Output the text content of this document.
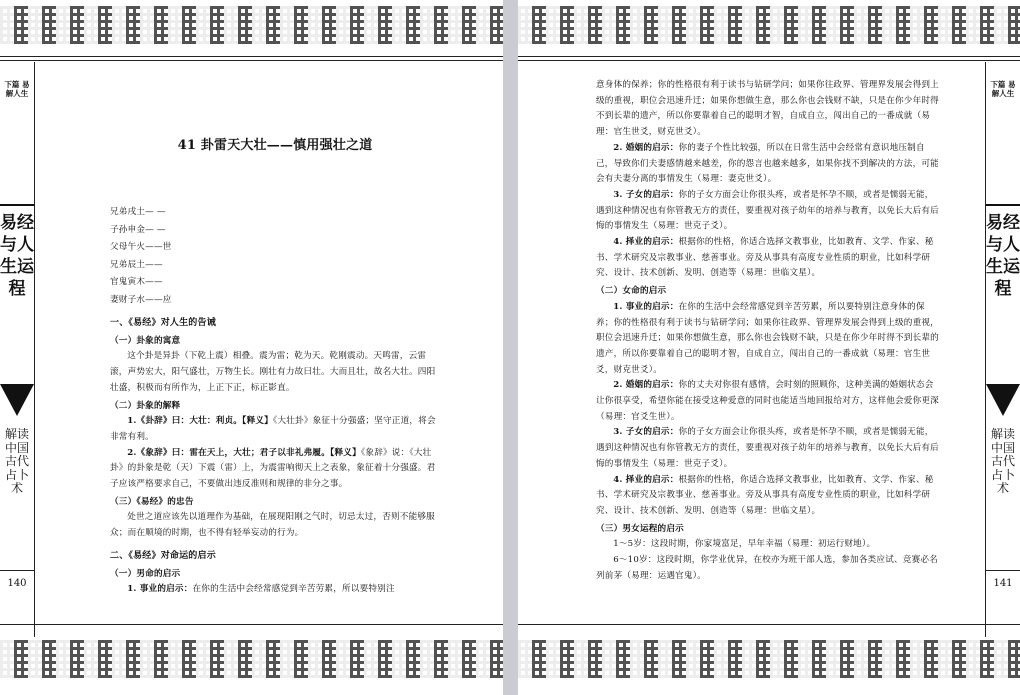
下篇 易解人生
易经与人生运程
解读中国古代占卜术
140
41 卦雷天大壮——慎用强壮之道

兄弟戌土— —

子孙申金— —

父母午火——世

兄弟辰土——

官鬼寅木——

妻财子水——应

一、《易经》对人生的告诫

（一）卦象的寓意

这个卦是异卦（下乾上震）相叠。震为雷；乾为天。乾刚震动。天鸣雷，云雷滚，声势宏大，阳气盛壮，万物生长。刚壮有力故曰壮。大而且壮，故名大壮。四阳壮盛，积极而有所作为，上正下正，标正影直。

（二）卦象的解释

1.《卦辞》曰：大壮：利贞。【释义】《大壮卦》象征十分强盛；坚守正道，将会非常有利。

2.《象辞》曰：雷在天上，大壮；君子以非礼弗履。【释义】《象辞》说：《大壮卦》的卦象是乾（天）下震（雷）上，为震雷响彻天上之表象，象征着十分强盛。君子应该严格要求自己，不要做出违反准则和规律的非分之事。

（三）《易经》的忠告

处世之道应该先以道理作为基础，在展现阳刚之气时，切忌太过，否则不能够服众；而在顺境的时期，也不得有轻举妄动的行为。

二、《易经》对命运的启示

（一）男命的启示

1. 事业的启示：在你的生活中会经常感觉到辛苦劳累，所以要特别注

下篇 易解人生
易经与人生运程
解读中国古代占卜术
141

意身体的保养；你的性格很有利于读书与钻研学问；如果你往政界、管理界发展会得到上级的重视，职位会迅速升迁；如果你想做生意，那么你也会钱财不缺，只是在你少年时得不到长辈的遗产，所以你要靠着自己的聪明才智，自成自立，闯出自己的一番成就（易理：官生世爻，财克世爻）。

2. 婚姻的启示：你的妻子个性比较强，所以在日常生活中会经常有意识地压制自己，导致你们夫妻感情越来越差，你的怨言也越来越多，如果你找不到解决的方法，可能会有夫妻分离的事情发生（易理：妻克世爻）。

3. 子女的启示：你的子女方面会让你很头疼，或者是怀孕不顺，或者是懦弱无能，遇到这种情况也有你管教无方的责任，要重视对孩子幼年的培养与教育，以免长大后有后悔的事情发生（易理：世克子爻）。

4. 择业的启示：根据你的性格，你适合选择文教事业，比如教育、文学、作家、秘书、学术研究及宗教事业、慈善事业。旁及从事具有高度专业性质的职业，比如科学研究、设计、技术创新、发明、创造等（易理：世临文星）。

（二）女命的启示

1. 事业的启示：在你的生活中会经常感觉到辛苦劳累，所以要特别注意身体的保养；你的性格很有利于读书与钻研学问；如果你往政界、管理界发展会得到上级的重视，职位会迅速升迁；如果你想做生意，那么你也会钱财不缺，只是在你少年时得不到长辈的遗产，所以你要靠着自己的聪明才智，自成自立，闯出自己的一番成就（易理：官生世爻，财克世爻）。

2. 婚姻的启示：你的丈夫对你很有感情，会时刻的照顾你，这种美满的婚姻状态会让你很享受，希望你能在接受这种爱意的同时也能适当地回报给对方，这样他会爱你更深（易理：官爻生世）。

3. 子女的启示：你的子女方面会让你很头疼，或者是怀孕不顺，或者是懦弱无能，遇到这种情况也有你管教无方的责任，要重视对孩子幼年的培养与教育，以免长大后有后悔的事情发生（易理：世克子爻）。

4. 择业的启示：根据你的性格，你适合选择文教事业，比如教育、文学、作家、秘书、学术研究及宗教事业、慈善事业。旁及从事具有高度专业性质的职业，比如科学研究、设计、技术创新、发明、创造等（易理：世临文星）。

（三）男女运程的启示

1～5岁：这段时期，你家境富足，早年幸福（易理：初运行财地）。

6～10岁：这段时期，你学业优异，在校亦为班干部人选，参加各类应试、竞赛必名列前茅（易理：运遇官鬼）。
